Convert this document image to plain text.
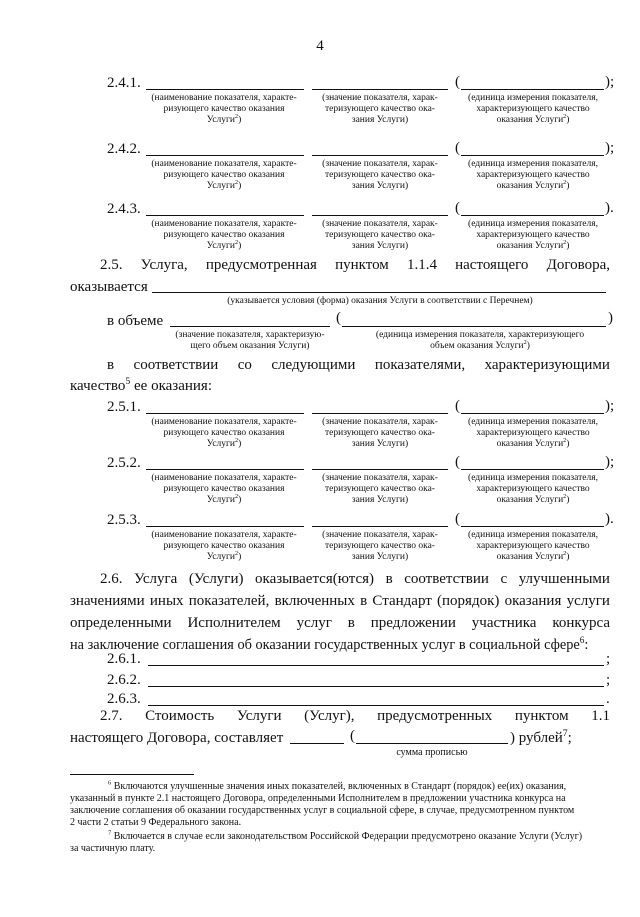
4
2.4.1.	(	);
(наименование показателя, характе-
ризующего качество оказания
Услуги$^2$)
(значение показателя, харак-
теризующего качество ока-
зания Услуги)
(единица измерения показателя,
характеризующего качество
оказания Услуги$^2$)
2.4.2.	(	);
(наименование показателя, характе-
ризующего качество оказания
Услуги$^2$)
(значение показателя, харак-
теризующего качество ока-
зания Услуги)
(единица измерения показателя,
характеризующего качество
оказания Услуги$^2$)
2.4.3.	(	).
(наименование показателя, характе-
ризующего качество оказания
Услуги$^2$)
(значение показателя, харак-
теризующего качество ока-
зания Услуги)
(единица измерения показателя,
характеризующего качество
оказания Услуги$^2$)
2.5. Услуга, предусмотренная пунктом 1.1.4 настоящего Договора,
оказывается
(указывается условия (форма) оказания Услуги в соответствии с Перечнем)
в объеме	(	)
(значение показателя, характеризую-
щего объем оказания Услуги)
(единица измерения показателя, характеризующего
объем оказания Услуги$^2$)
в соответствии со следующими показателями, характеризующими
качество$^5$ ее оказания:
2.5.1.	(	);
(наименование показателя, характе-
ризующего качество оказания
Услуги$^2$)
(значение показателя, харак-
теризующего качество ока-
зания Услуги)
(единица измерения показателя,
характеризующего качество
оказания Услуги$^2$)
2.5.2.	(	);
(наименование показателя, характе-
ризующего качество оказания
Услуги$^2$)
(значение показателя, харак-
теризующего качество ока-
зания Услуги)
(единица измерения показателя,
характеризующего качество
оказания Услуги$^2$)
2.5.3.	(	).
(наименование показателя, характе-
ризующего качество оказания
Услуги$^2$)
(значение показателя, харак-
теризующего качество ока-
зания Услуги)
(единица измерения показателя,
характеризующего качество
оказания Услуги$^2$)
2.6. Услуга (Услуги) оказывается(ются) в соответствии с улучшенными
значениями иных показателей, включенных в Стандарт (порядок) оказания услуги
определенными Исполнителем услуг в предложении участника конкурса
на заключение соглашения об оказании государственных услуг в социальной сфере$^6$:
2.6.1.	;
2.6.2.	;
2.6.3.	.
2.7. Стоимость Услуги (Услуг), предусмотренных пунктом 1.1
настоящего Договора, составляет	(	) рублей$^7$;
сумма прописью
$^6$ Включаются улучшенные значения иных показателей, включенных в Стандарт (порядок) ее(их) оказания,
указанный в пункте 2.1 настоящего Договора, определенными Исполнителем в предложении участника конкурса на
заключение соглашения об оказании государственных услуг в социальной сфере, в случае, предусмотренном пунктом
2 части 2 статьи 9 Федерального закона.
$^7$ Включается в случае если законодательством Российской Федерации предусмотрено оказание Услуги (Услуг)
за частичную плату.
